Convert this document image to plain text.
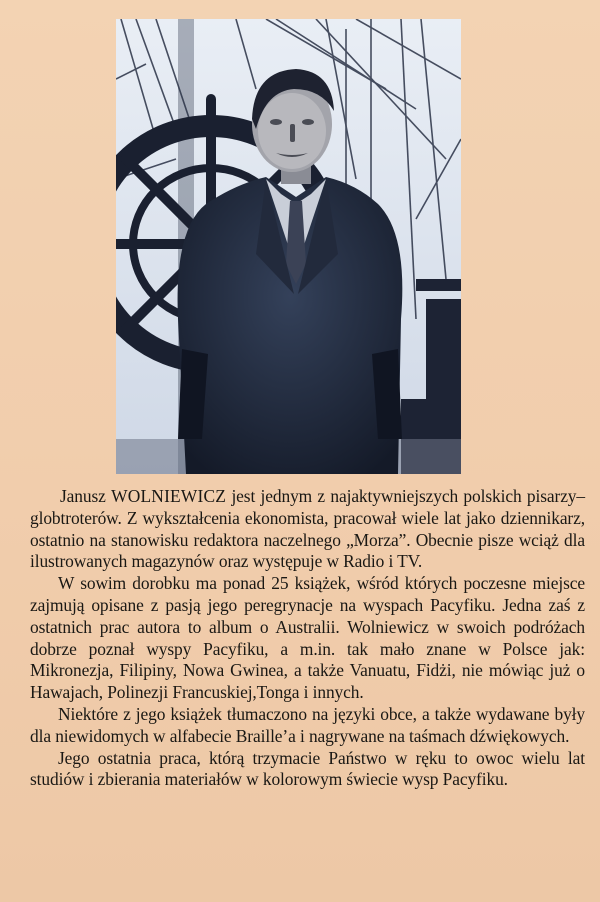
Janusz WOLNIEWICZ jest jednym z najaktywniejszych polskich pisarzy–globtroterów. Z wykształcenia ekonomista, pracował wiele lat jako dziennikarz, ostatnio na stanowisku redaktora naczelnego „Morza”. Obecnie pisze wciąż dla ilustrowanych magazynów oraz występuje w Radio i TV.

W sowim dorobku ma ponad 25 książek, wśród których poczesne miejsce zajmują opisane z pasją jego peregrynacje na wyspach Pacyfiku. Jedna zaś z ostatnich prac autora to album o Australii. Wolniewicz w swoich podróżach dobrze poznał wyspy Pacyfiku, a m.in. tak mało znane w Polsce jak: Mikronezja, Filipiny, Nowa Gwinea, a także Vanuatu, Fidżi, nie mówiąc już o Hawajach, Polinezji Francuskiej,Tonga i innych.

Niektóre z jego książek tłumaczono na języki obce, a także wydawane były dla niewidomych w alfabecie Braille’a i nagrywane na taśmach dźwiękowych.

Jego ostatnia praca, którą trzymacie Państwo w ręku to owoc wielu lat studiów i zbierania materiałów w kolorowym świecie wysp Pacyfiku.
